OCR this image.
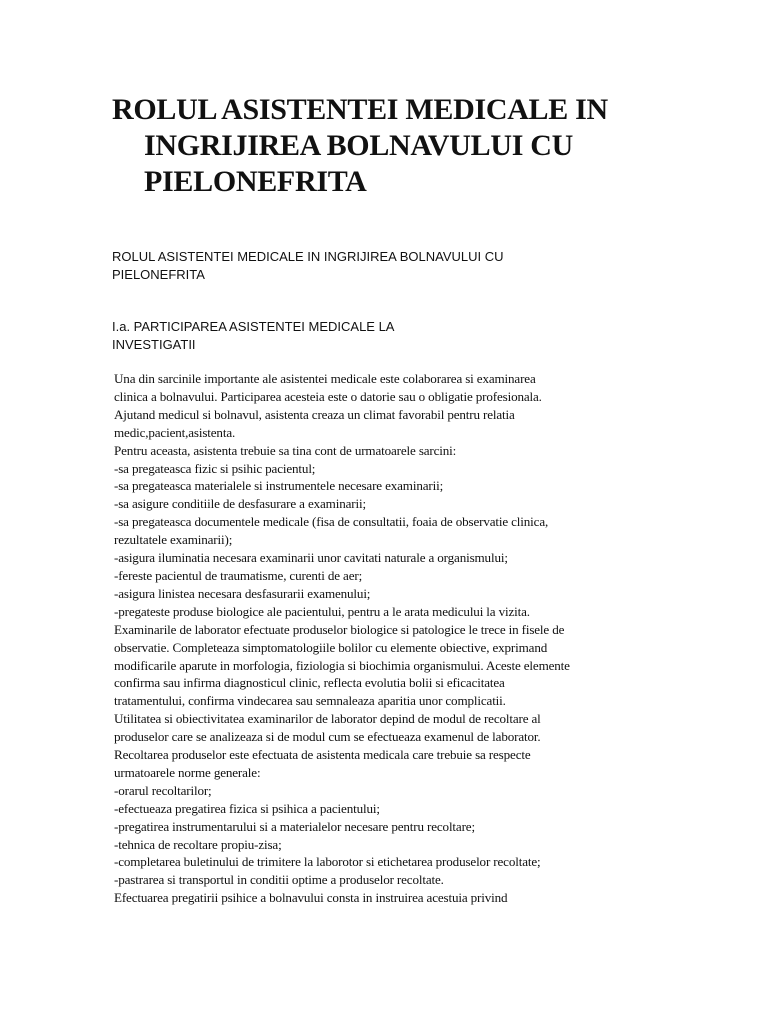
ROLUL ASISTENTEI MEDICALE IN INGRIJIREA BOLNAVULUI CU PIELONEFRITA

ROLUL ASISTENTEI MEDICALE IN INGRIJIREA BOLNAVULUI CU PIELONEFRITA

I.a. PARTICIPAREA ASISTENTEI MEDICALE LA INVESTIGATII

Una din sarcinile importante ale asistentei medicale este colaborarea si examinarea
clinica a bolnavului. Participarea acesteia este o datorie sau o obligatie profesionala.
Ajutand medicul si bolnavul, asistenta creaza un climat favorabil pentru relatia
medic,pacient,asistenta.
Pentru aceasta, asistenta trebuie sa tina cont de urmatoarele sarcini:
-sa pregateasca fizic si psihic pacientul;
-sa pregateasca materialele si instrumentele necesare examinarii;
-sa asigure conditiile de desfasurare a examinarii;
-sa pregateasca documentele medicale (fisa de consultatii, foaia de observatie clinica,
rezultatele examinarii);
-asigura iluminatia necesara examinarii unor cavitati naturale a organismului;
-fereste pacientul de traumatisme, curenti de aer;
-asigura linistea necesara desfasurarii examenului;
-pregateste produse biologice ale pacientului, pentru a le arata medicului la vizita.
Examinarile de laborator efectuate produselor biologice si patologice le trece in fisele de
observatie. Completeaza simptomatologiile bolilor cu elemente obiective, exprimand
modificarile aparute in morfologia, fiziologia si biochimia organismului. Aceste elemente
confirma sau infirma diagnosticul clinic, reflecta evolutia bolii si eficacitatea
tratamentului, confirma vindecarea sau semnaleaza aparitia unor complicatii.
Utilitatea si obiectivitatea examinarilor de laborator depind de modul de recoltare al
produselor care se analizeaza si de modul cum se efectueaza examenul de laborator.
Recoltarea produselor este efectuata de asistenta medicala care trebuie sa respecte
urmatoarele norme generale:
-orarul recoltarilor;
-efectueaza pregatirea fizica si psihica a pacientului;
-pregatirea instrumentarului si a materialelor necesare pentru recoltare;
-tehnica de recoltare propiu-zisa;
-completarea buletinului de trimitere la laborotor si etichetarea produselor recoltate;
-pastrarea si transportul in conditii optime a produselor recoltate.
Efectuarea pregatirii psihice a bolnavului consta in instruirea acestuia privind
